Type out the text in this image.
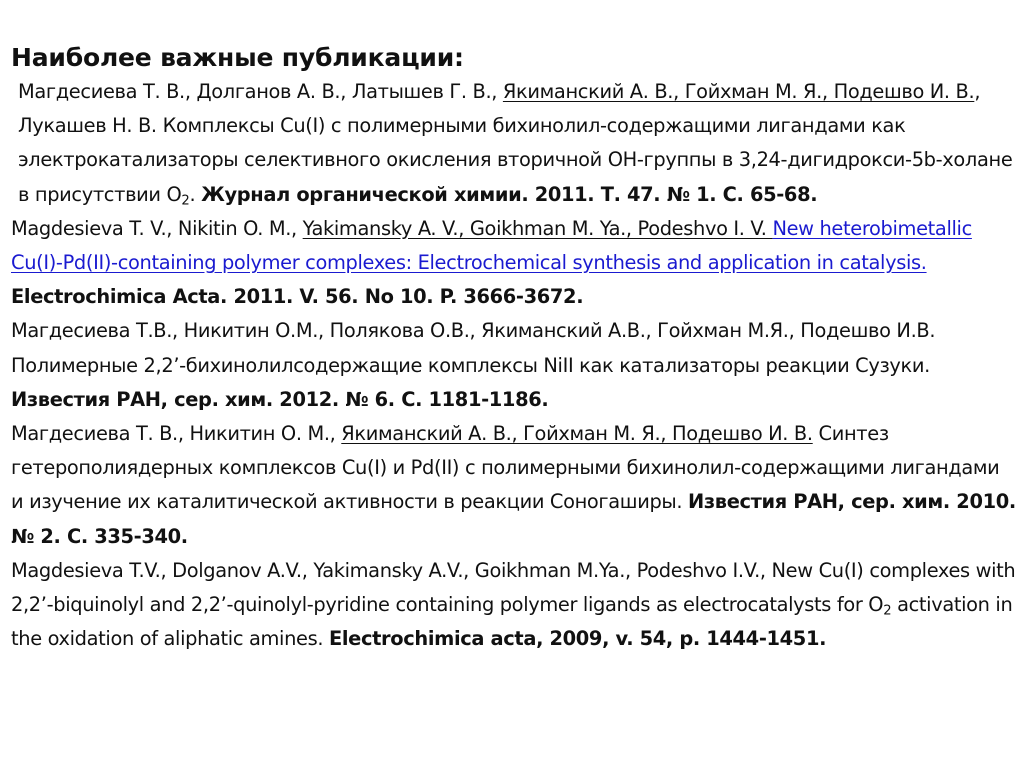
Наиболее важные публикации:
Магдесиева Т. В., Долганов А. В., Латышев Г. В., Якиманский А. В., Гойхман М. Я., Подешво И. В., Лукашев Н. В. Комплексы Cu(I) с полимерными бихинолил-содержащими лигандами как электрокатализаторы селективного окисления вторичной ОН-группы в 3,24-дигидрокси-5b-холане в присутствии $О_2$. Журнал органической химии. 2011. Т. 47. № 1. С. 65-68.
Magdesieva T. V., Nikitin O. M., Yakimansky A. V., Goikhman M. Ya., Podeshvo I. V. New heterobimetallic Cu(I)-Pd(II)-containing polymer complexes: Electrochemical synthesis and application in catalysis. Electrochimica Acta. 2011. V. 56. No 10. P. 3666-3672.
Магдесиева Т.В., Никитин О.М., Полякова О.В., Якиманский А.В., Гойхман М.Я., Подешво И.В. Полимерные 2,2’-бихинолилсодержащие комплексы NiII как катализаторы реакции Сузуки. Известия РАН, сер. хим. 2012. № 6. С. 1181-1186.
Магдесиева Т. В., Никитин О. М., Якиманский А. В., Гойхман М. Я., Подешво И. В. Синтез гетерополиядерных комплексов Cu(I) и Pd(II) с полимерными бихинолил-содержащими лигандами и изучение их каталитической активности в реакции Соногаширы. Известия РАН, сер. хим. 2010. № 2. С. 335-340.
Magdesieva T.V., Dolganov A.V., Yakimansky A.V., Goikhman M.Ya., Podeshvo I.V., New Cu(I) complexes with 2,2’-biquinolyl and 2,2’-quinolyl-pyridine containing polymer ligands as electrocatalysts for $O_2$ activation in the oxidation of aliphatic amines. Electrochimica acta, 2009, v. 54, p. 1444-1451.
